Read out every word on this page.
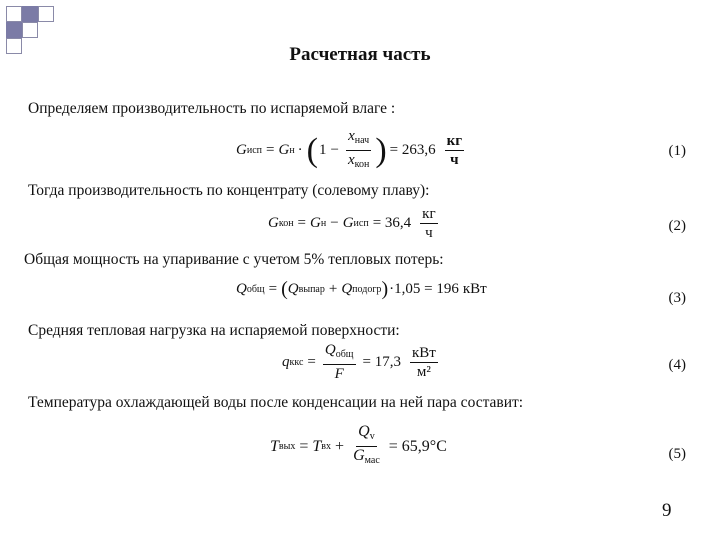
Расчетная часть
Определяем производительность по испаряемой влаге :
G исп = G н · ( $1 - \frac{x_{нач}}{x_{кон}}$ ) = $263,6 \frac{кг}{ч}$	(1)
Тогда производительность по концентрату (солевому плаву):
G кон = G н − G исп = $36,4 \frac{кг}{ч}$	(2)
Общая мощность на упаривание с учетом 5% тепловых потерь:
Q общ = ( Q выпар + Q подогр ) ·1,05 = 196 кВт
(3)
Средняя тепловая нагрузка на испаряемой поверхности:
q ккс = $\frac{Q_{общ}}{F} = 17,3 \frac{\text{кВт}}{\text{м²}}$	(4)
Температура охлаждающей воды после конденсации на ней пара составит:
T вых = T вх + $\frac{Q_v}{G_{мас}} = 65,9^\circ C$	(5)
9
